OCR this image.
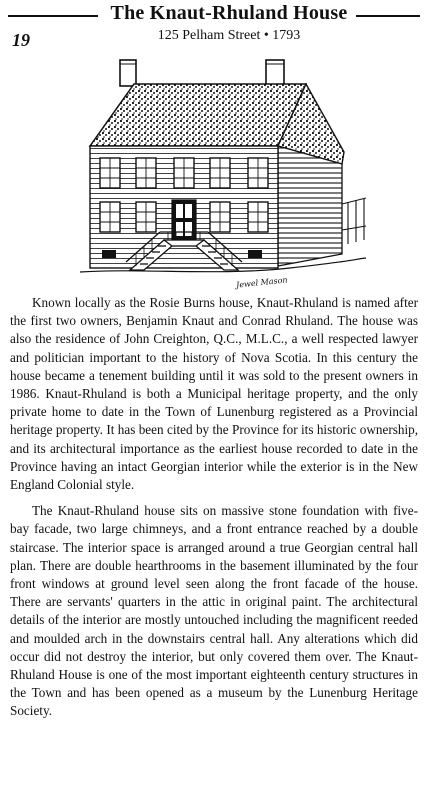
The Knaut-Rhuland House
19	125 Pelham Street • 1793
Jewel Mason

Known locally as the Rosie Burns house, Knaut-Rhuland is named after the first two owners, Benjamin Knaut and Conrad Rhuland. The house was also the residence of John Creighton, Q.C., M.L.C., a well respected lawyer and politician important to the history of Nova Scotia. In this century the house became a tenement building until it was sold to the present owners in 1986. Knaut-Rhuland is both a Municipal heritage property, and the only private home to date in the Town of Lunenburg registered as a Provincial heritage property. It has been cited by the Province for its historic ownership, and its architectural importance as the earliest house recorded to date in the Province having an intact Georgian interior while the exterior is in the New England Colonial style.

The Knaut-Rhuland house sits on massive stone foundation with five-bay facade, two large chimneys, and a front entrance reached by a double staircase. The interior space is arranged around a true Georgian central hall plan. There are double hearthrooms in the basement illuminated by the four front windows at ground level seen along the front facade of the house. There are servants' quarters in the attic in original paint. The architectural details of the interior are mostly untouched including the magnificent reeded and moulded arch in the downstairs central hall. Any alterations which did occur did not destroy the interior, but only covered them over. The Knaut-Rhuland House is one of the most important eighteenth century structures in the Town and has been opened as a museum by the Lunenburg Heritage Society.
